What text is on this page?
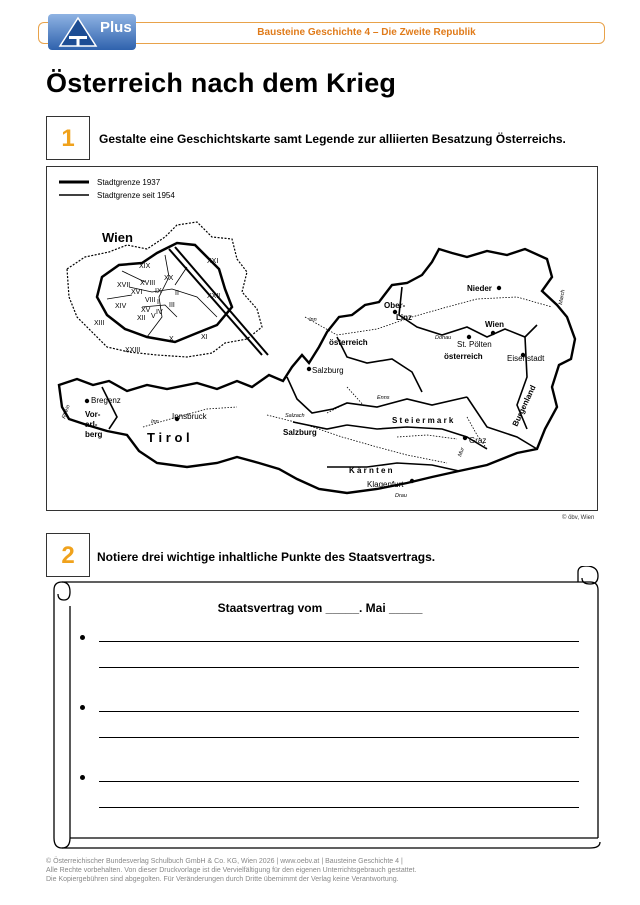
Bausteine Geschichte 4 – Die Zweite Republik
Plus
Österreich nach dem Krieg
1	Gestalte eine Geschichtskarte samt Legende zur alliierten Besatzung Österreichs.
Stadtgrenze 1937
Stadtgrenze seit 1954
Wien
XXI
XIX
XVIII
XX
XVII
II
IX
I
XXII
XVI
VIII
III
XIV
XV IV
XIII
V
XII
X	XI
XXIII
Nieder
Ober-
Linz
Wien
österreich	St. Pölten
österreich	Eisenstadt
Salzburg
Bregenz
Vor-
arl-
berg
Innsbruck
T i r o l	Salzburg
S t e i e r m a r k
Graz
Burgenland
K ä r n t e n
Klagenfurt
Inn
Donau
Enns
Salzach
Inn
Drau
Mur
Rhein
March
© öbv, Wien
2	Notiere drei wichtige inhaltliche Punkte des Staatsvertrags.
Staatsvertrag vom _____. Mai _____
© Österreichischer Bundesverlag Schulbuch GmbH & Co. KG, Wien 2026 | www.oebv.at | Bausteine Geschichte 4 |
Alle Rechte vorbehalten. Von dieser Druckvorlage ist die Vervielfältigung für den eigenen Unterrichtsgebrauch gestattet.
Die Kopiergebühren sind abgegolten. Für Veränderungen durch Dritte übernimmt der Verlag keine Verantwortung.
